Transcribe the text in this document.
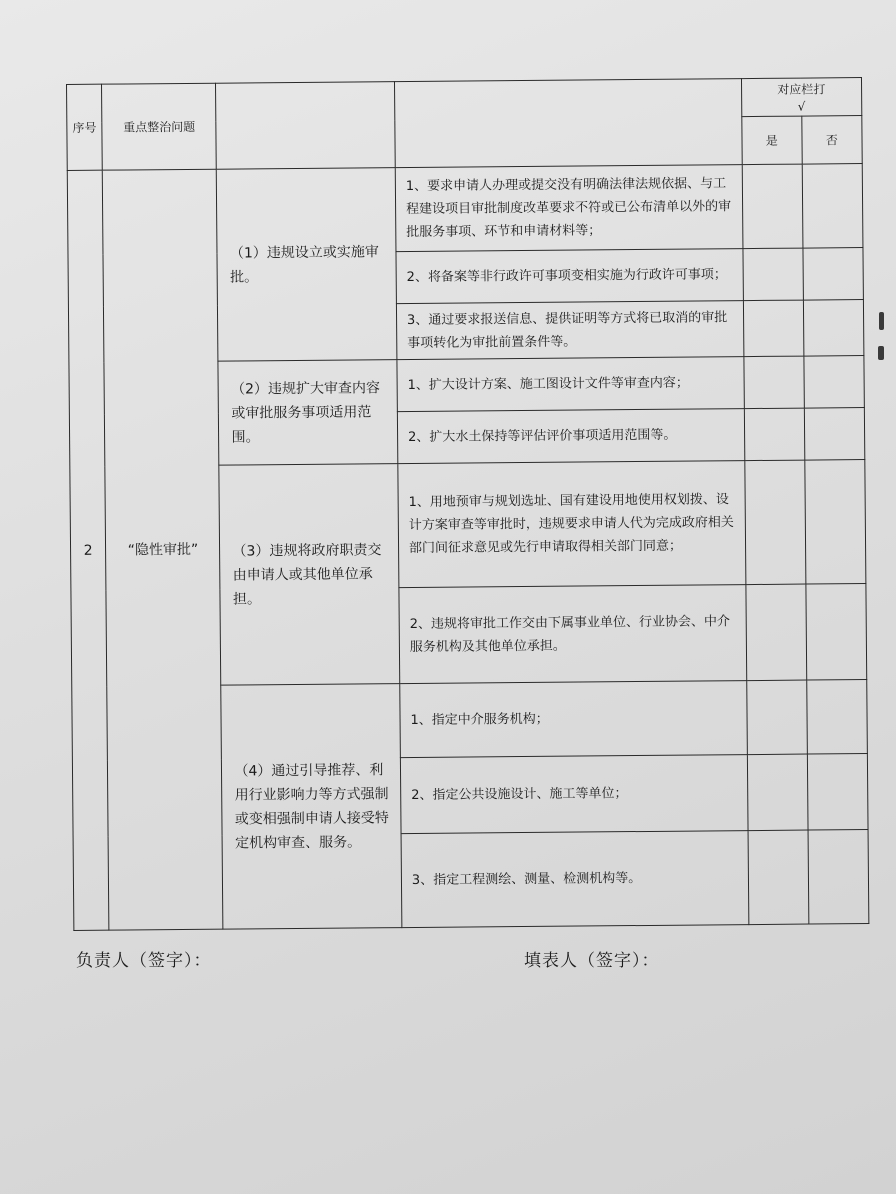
序号	重点整治问题			对应栏打
√	

				是	否
2	“隐性审批”	（1）违规设立或实施审批。	1、要求申请人办理或提交没有明确法律法规依据、与工程建设项目审批制度改革要求不符或已公布清单以外的审批服务事项、环节和申请材料等；		
			2、将备案等非行政许可事项变相实施为行政许可事项；		
			3、通过要求报送信息、提供证明等方式将已取消的审批事项转化为审批前置条件等。		
		（2）违规扩大审查内容或审批服务事项适用范围。	1、扩大设计方案、施工图设计文件等审查内容；		
			2、扩大水土保持等评估评价事项适用范围等。		
		（3）违规将政府职责交由申请人或其他单位承担。	1、用地预审与规划选址、国有建设用地使用权划拨、设计方案审查等审批时，违规要求申请人代为完成政府相关部门间征求意见或先行申请取得相关部门同意；		
			2、违规将审批工作交由下属事业单位、行业协会、中介服务机构及其他单位承担。		
		（4）通过引导推荐、利用行业影响力等方式强制或变相强制申请人接受特定机构审查、服务。	1、指定中介服务机构；		
			2、指定公共设施设计、施工等单位；		
			3、指定工程测绘、测量、检测机构等。		
负责人（签字）：	填表人（签字）：
